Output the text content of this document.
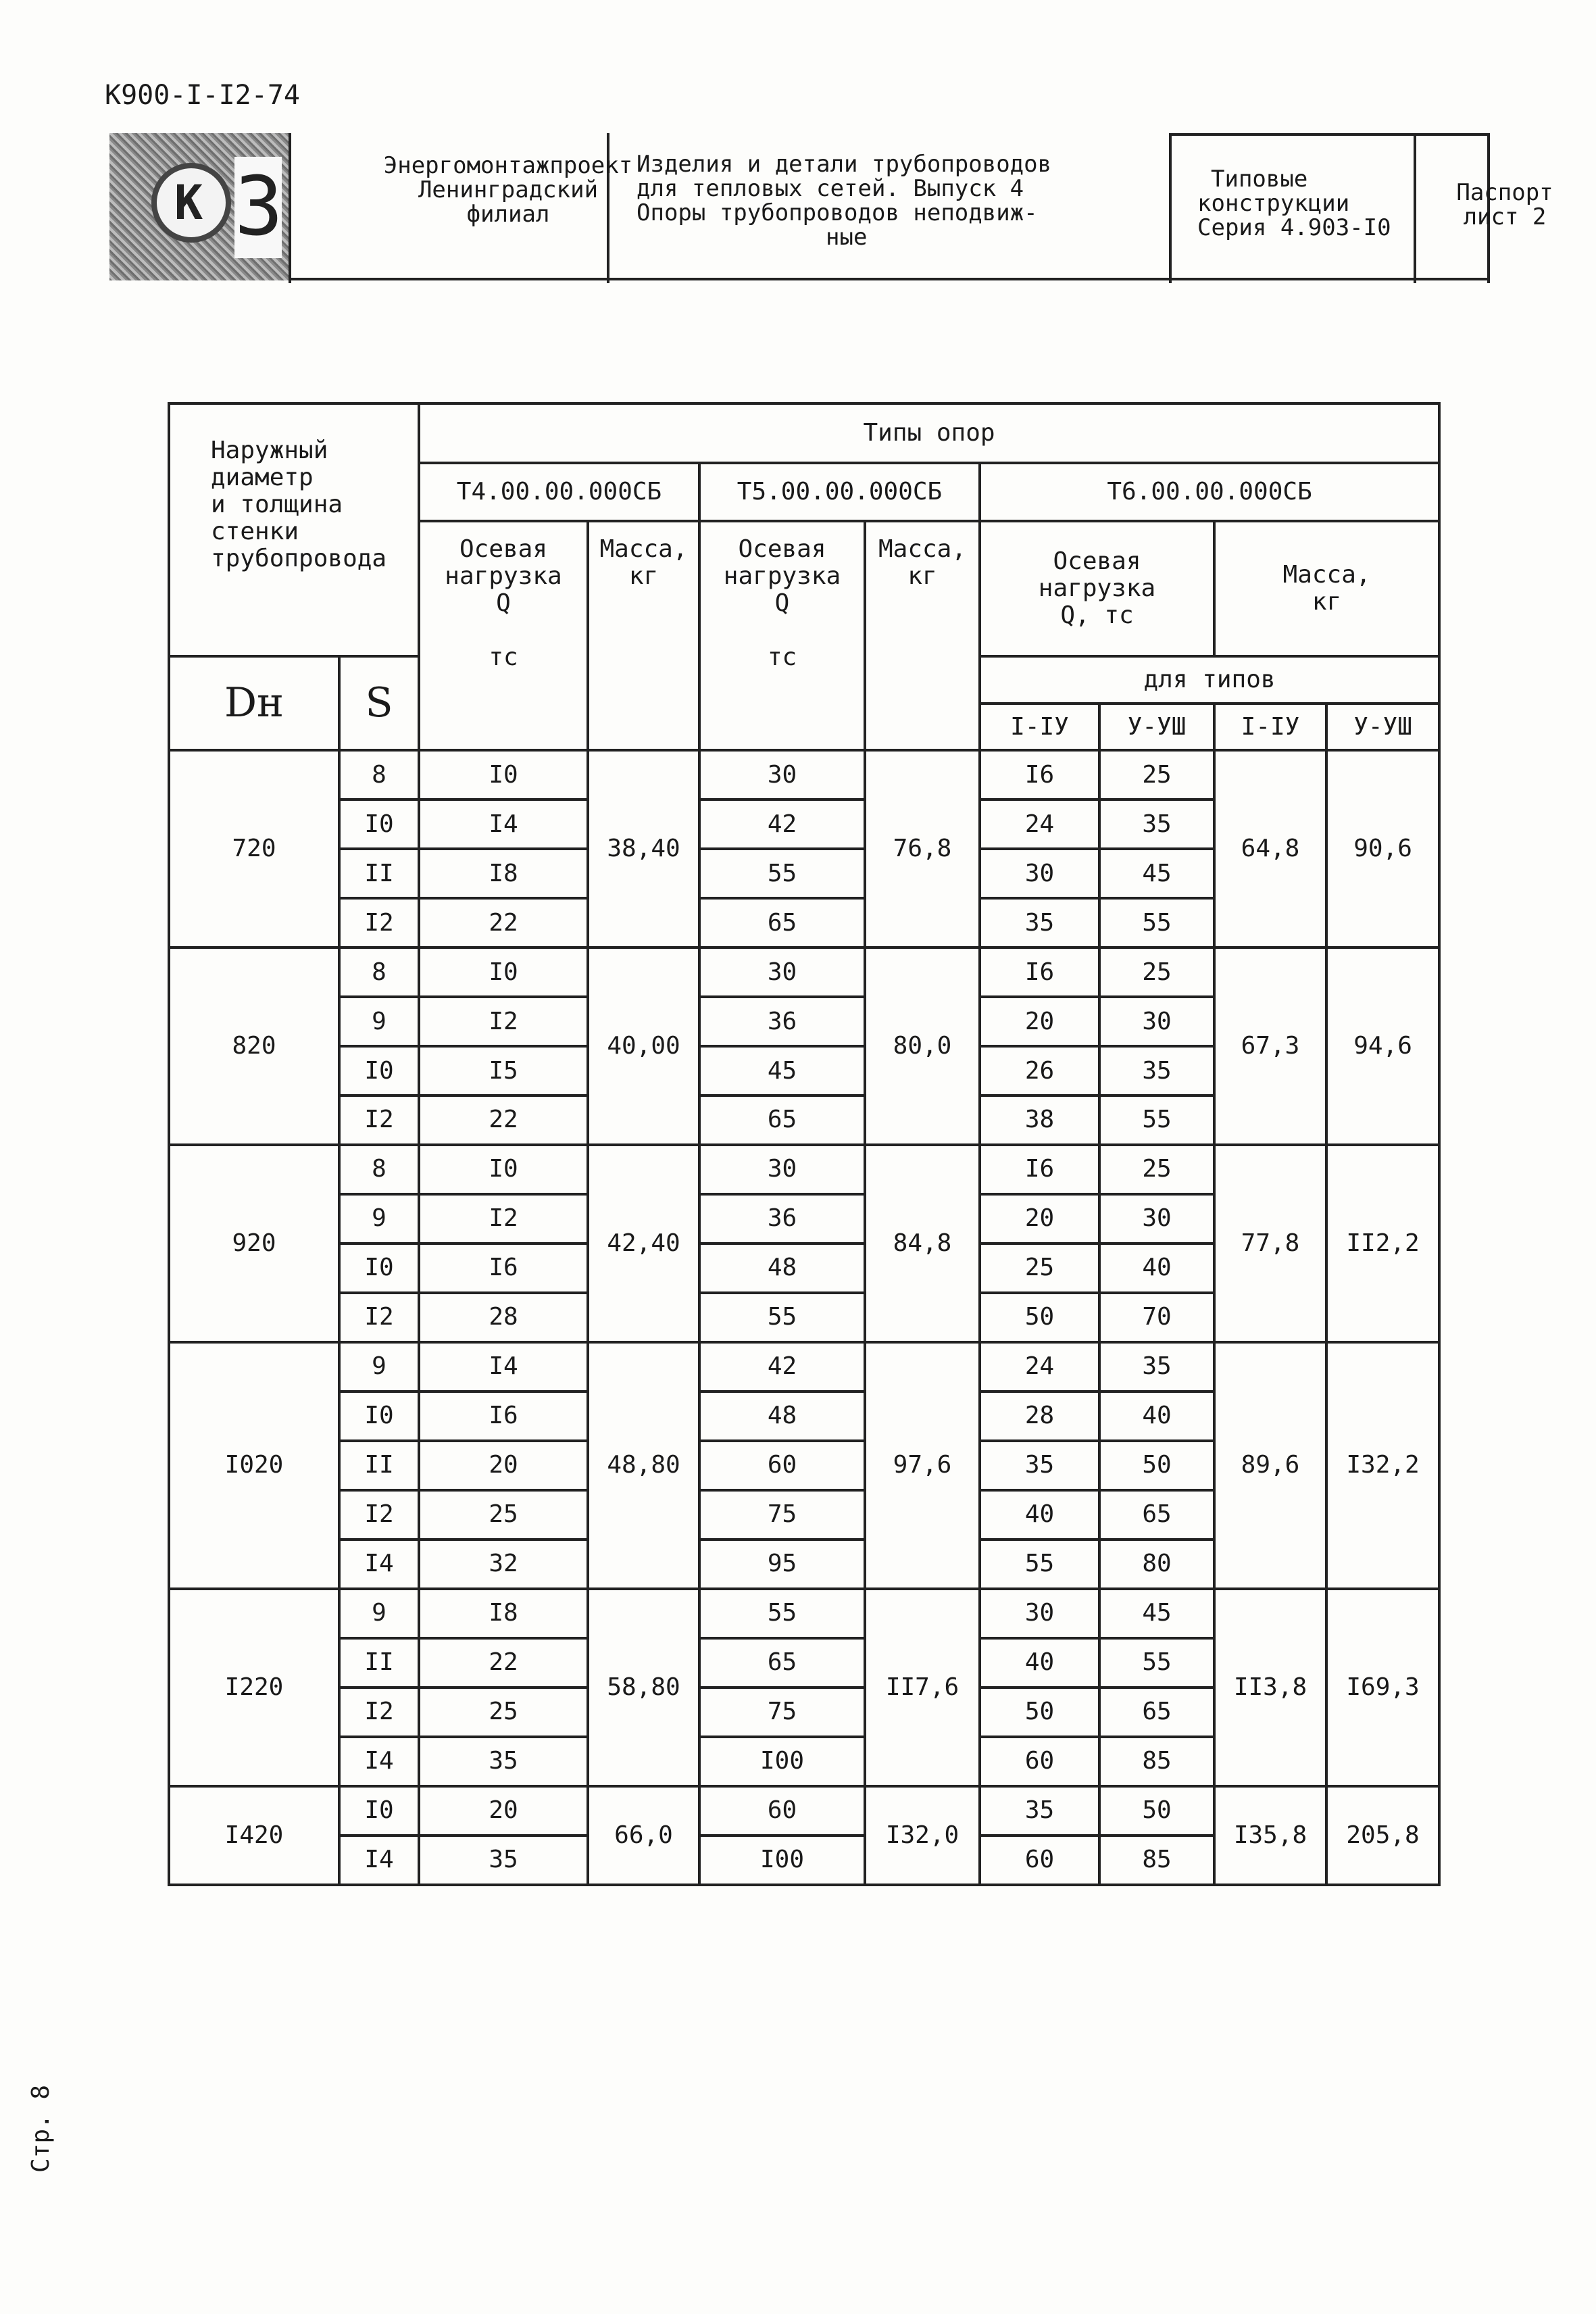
К900-I-I2-74
К З	Энергомонтажпроект
Ленинградский
филиал
Изделия и детали трубопроводов
для тепловых сетей. Выпуск 4
Опоры трубопроводов неподвиж-
ные
Типовые
конструкции
Серия 4.903-I0
Паспорт
лист 2
Наружный
диаметр
и толщина
стенки
трубопровода		Типы опор							
		Т4.00.00.000СБ		Т5.00.00.000СБ		Т6.00.00.000СБ			

		Осевая
нагрузка
Q

тс	Масса,
кг	Осевая
нагрузка
Q

тс	Масса,
кг	Осевая
нагрузка
Q, тс		Масса,
кг	

Dн	S					для типов			
						I-IУ	У-УШ	I-IУ	У-УШ
720	8	I0	38,40	30	76,8	I6	25	64,8	90,6
	I0	I4		42		24	35		
	II	I8		55		30	45		
	I2	22		65		35	55		
820	8	I0	40,00	30	80,0	I6	25	67,3	94,6
	9	I2		36		20	30		
	I0	I5		45		26	35		
	I2	22		65		38	55		
920	8	I0	42,40	30	84,8	I6	25	77,8	II2,2
	9	I2		36		20	30		
	I0	I6		48		25	40		
	I2	28		55		50	70		
I020	9	I4	48,80	42	97,6	24	35	89,6	I32,2
	I0	I6		48		28	40		
	II	20		60		35	50		
	I2	25		75		40	65		
	I4	32		95		55	80		
I220	9	I8	58,80	55	II7,6	30	45	II3,8	I69,3
	II	22		65		40	55		
	I2	25		75		50	65		
	I4	35		I00		60	85		
I420	I0	20	66,0	60	I32,0	35	50	I35,8	205,8
	I4	35		I00		60	85		
Стр. 8
